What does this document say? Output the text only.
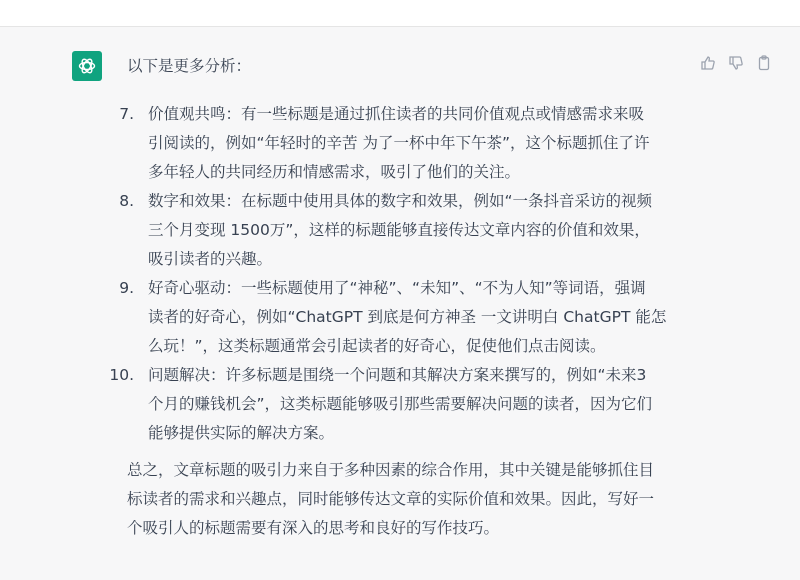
以下是更多分析：
7. 价值观共鸣：有一些标题是通过抓住读者的共同价值观点或情感需求来吸
引阅读的，例如“年轻时的辛苦 为了一杯中年下午茶”，这个标题抓住了许
多年轻人的共同经历和情感需求，吸引了他们的关注。
8. 数字和效果：在标题中使用具体的数字和效果，例如“一条抖音采访的视频
三个月变现 1500万”，这样的标题能够直接传达文章内容的价值和效果，
吸引读者的兴趣。
9. 好奇心驱动：一些标题使用了“神秘”、“未知”、“不为人知”等词语，强调
读者的好奇心，例如“ChatGPT 到底是何方神圣 一文讲明白 ChatGPT 能怎
么玩！”，这类标题通常会引起读者的好奇心，促使他们点击阅读。
10. 问题解决：许多标题是围绕一个问题和其解决方案来撰写的，例如“未来3
个月的赚钱机会”，这类标题能够吸引那些需要解决问题的读者，因为它们
能够提供实际的解决方案。
总之，文章标题的吸引力来自于多种因素的综合作用，其中关键是能够抓住目
标读者的需求和兴趣点，同时能够传达文章的实际价值和效果。因此，写好一
个吸引人的标题需要有深入的思考和良好的写作技巧。
